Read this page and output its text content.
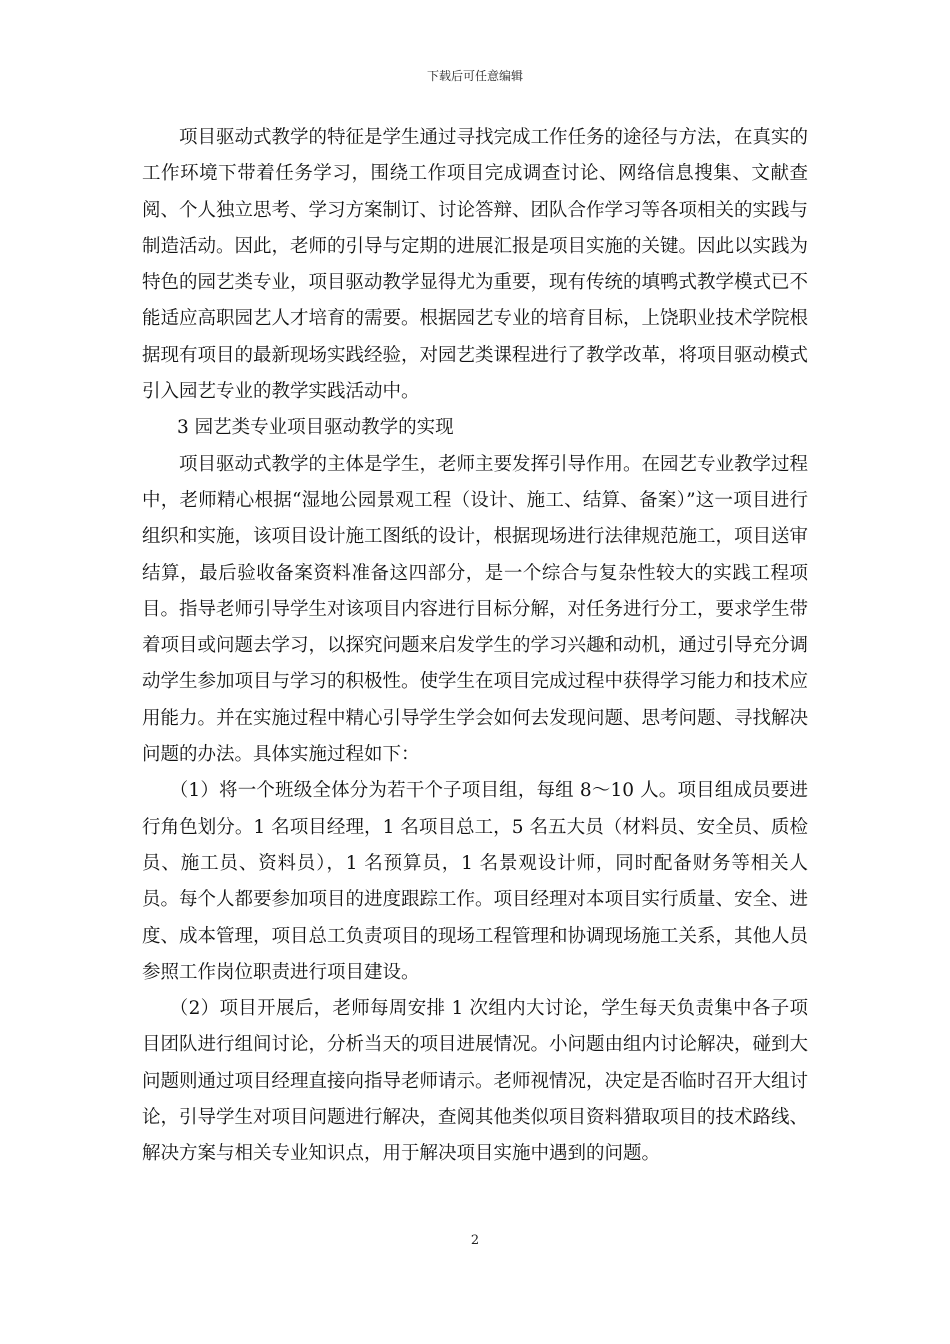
下载后可任意编辑

项目驱动式教学的特征是学生通过寻找完成工作任务的途径与方法，在真实的工作环境下带着任务学习，围绕工作项目完成调查讨论、网络信息搜集、文献查阅、个人独立思考、学习方案制订、讨论答辩、团队合作学习等各项相关的实践与制造活动。因此，老师的引导与定期的进展汇报是项目实施的关键。因此以实践为特色的园艺类专业，项目驱动教学显得尤为重要，现有传统的填鸭式教学模式已不能适应高职园艺人才培育的需要。根据园艺专业的培育目标，上饶职业技术学院根据现有项目的最新现场实践经验，对园艺类课程进行了教学改革，将项目驱动模式引入园艺专业的教学实践活动中。

3 园艺类专业项目驱动教学的实现

项目驱动式教学的主体是学生，老师主要发挥引导作用。在园艺专业教学过程中，老师精心根据“湿地公园景观工程（设计、施工、结算、备案）”这一项目进行组织和实施，该项目设计施工图纸的设计，根据现场进行法律规范施工，项目送审结算，最后验收备案资料准备这四部分，是一个综合与复杂性较大的实践工程项目。指导老师引导学生对该项目内容进行目标分解，对任务进行分工，要求学生带着项目或问题去学习，以探究问题来启发学生的学习兴趣和动机，通过引导充分调动学生参加项目与学习的积极性。使学生在项目完成过程中获得学习能力和技术应用能力。并在实施过程中精心引导学生学会如何去发现问题、思考问题、寻找解决问题的办法。具体实施过程如下：

（1）将一个班级全体分为若干个子项目组，每组 8～10 人。项目组成员要进行角色划分。1 名项目经理，1 名项目总工，5 名五大员（材料员、安全员、质检员、施工员、资料员），1 名预算员，1 名景观设计师，同时配备财务等相关人员。每个人都要参加项目的进度跟踪工作。项目经理对本项目实行质量、安全、进度、成本管理，项目总工负责项目的现场工程管理和协调现场施工关系，其他人员参照工作岗位职责进行项目建设。

（2）项目开展后，老师每周安排 1 次组内大讨论，学生每天负责集中各子项目团队进行组间讨论，分析当天的项目进展情况。小问题由组内讨论解决，碰到大问题则通过项目经理直接向指导老师请示。老师视情况，决定是否临时召开大组讨论，引导学生对项目问题进行解决，查阅其他类似项目资料猎取项目的技术路线、解决方案与相关专业知识点，用于解决项目实施中遇到的问题。

2
